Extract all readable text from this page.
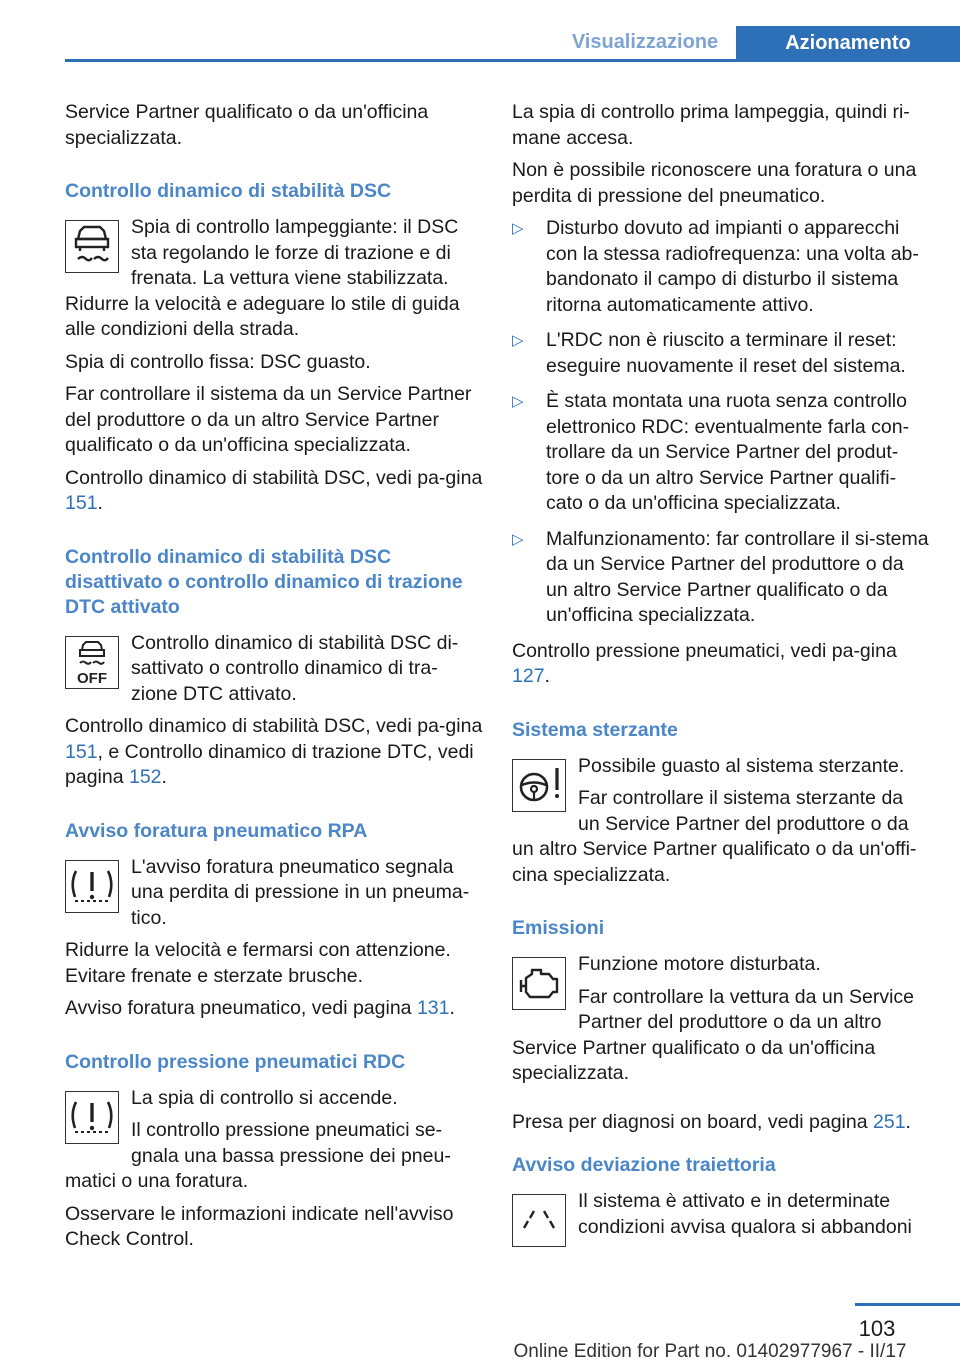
Visualizzazione	Azionamento

Service Partner qualificato o da un'officina specializzata.

Controllo dinamico di stabilità DSC

Spia di controllo lampeggiante: il DSC sta regolando le forze di trazione e di frenata. La vettura viene stabilizzata. Ridurre la velocità e adeguare lo stile di guida alle condizioni della strada.

Spia di controllo fissa: DSC guasto.

Far controllare il sistema da un Service Partner del produttore o da un altro Service Partner qualificato o da un'officina specializzata.

Controllo dinamico di stabilità DSC, vedi pa‐gina 151.

Controllo dinamico di stabilità DSC disattivato o controllo dinamico di trazione DTC attivato
OFF

Controllo dinamico di stabilità DSC di‐sattivato o controllo dinamico di tra‐zione DTC attivato.

Controllo dinamico di stabilità DSC, vedi pa‐gina 151, e Controllo dinamico di trazione DTC, vedi pagina 152.

Avviso foratura pneumatico RPA

L'avviso foratura pneumatico segnala una perdita di pressione in un pneuma‐tico.

Ridurre la velocità e fermarsi con attenzione. Evitare frenate e sterzate brusche.

Avviso foratura pneumatico, vedi pagina 131.

Controllo pressione pneumatici RDC

La spia di controllo si accende.

Il controllo pressione pneumatici se‐gnala una bassa pressione dei pneu‐matici o una foratura.

Osservare le informazioni indicate nell'avviso Check Control.

La spia di controllo prima lampeggia, quindi ri‐mane accesa.

Non è possibile riconoscere una foratura o una perdita di pressione del pneumatico.

▷ Disturbo dovuto ad impianti o apparecchi con la stessa radiofrequenza: una volta ab‐bandonato il campo di disturbo il sistema ritorna automaticamente attivo.
▷ L'RDC non è riuscito a terminare il reset: eseguire nuovamente il reset del sistema.
▷ È stata montata una ruota senza controllo elettronico RDC: eventualmente farla con‐trollare da un Service Partner del produt‐tore o da un altro Service Partner qualifi‐cato o da un'officina specializzata.
▷ Malfunzionamento: far controllare il si‐stema da un Service Partner del produttore o da un altro Service Partner qualificato o da un'officina specializzata.

Controllo pressione pneumatici, vedi pa‐gina 127.

Sistema sterzante

Possibile guasto al sistema sterzante.

Far controllare il sistema sterzante da un Service Partner del produttore o da un altro Service Partner qualificato o da un'offi‐cina specializzata.

Emissioni

Funzione motore disturbata.

Far controllare la vettura da un Service Partner del produttore o da un altro Service Partner qualificato o da un'officina specializzata.

Presa per diagnosi on board, vedi pagina 251.

Avviso deviazione traiettoria

Il sistema è attivato e in determinate condizioni avvisa qualora si abbandoni

103
Online Edition for Part no. 01402977967 - II/17
